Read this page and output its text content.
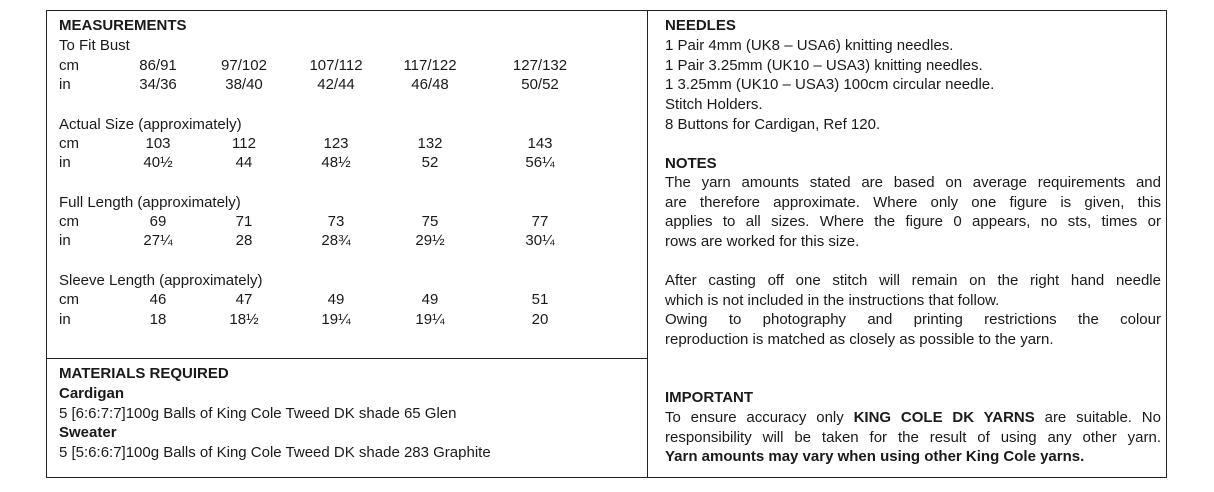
MEASUREMENTS
To Fit Bust
cm	86/91	97/102	107/112	117/122	127/132
in	34/36	38/40	42/44	46/48	50/52
Actual Size (approximately)
cm	103	112	123	132	143
in	40½	44	48½	52	56¼
Full Length (approximately)
cm	69	71	73	75	77
in	27¼	28	28¾	29½	30¼
Sleeve Length (approximately)
cm	46	47	49	49	51
in	18	18½	19¼	19¼	20
MATERIALS REQUIRED
Cardigan
5 [6:6:7:7]100g Balls of King Cole Tweed DK shade 65 Glen
Sweater
5 [5:6:6:7]100g Balls of King Cole Tweed DK shade 283 Graphite
NEEDLES
1 Pair 4mm (UK8 – USA6) knitting needles.
1 Pair 3.25mm (UK10 – USA3) knitting needles.
1 3.25mm (UK10 – USA3) 100cm circular needle.
Stitch Holders.
8 Buttons for Cardigan, Ref 120.
NOTES
The yarn amounts stated are based on average requirements and
are therefore approximate. Where only one figure is given, this
applies to all sizes. Where the figure 0 appears, no sts, times or
rows are worked for this size.
After casting off one stitch will remain on the right hand needle
which is not included in the instructions that follow.
Owing to photography and printing restrictions the colour
reproduction is matched as closely as possible to the yarn.
IMPORTANT
To ensure accuracy only KING COLE DK YARNS are suitable. No
responsibility will be taken for the result of using any other yarn.
Yarn amounts may vary when using other King Cole yarns.
